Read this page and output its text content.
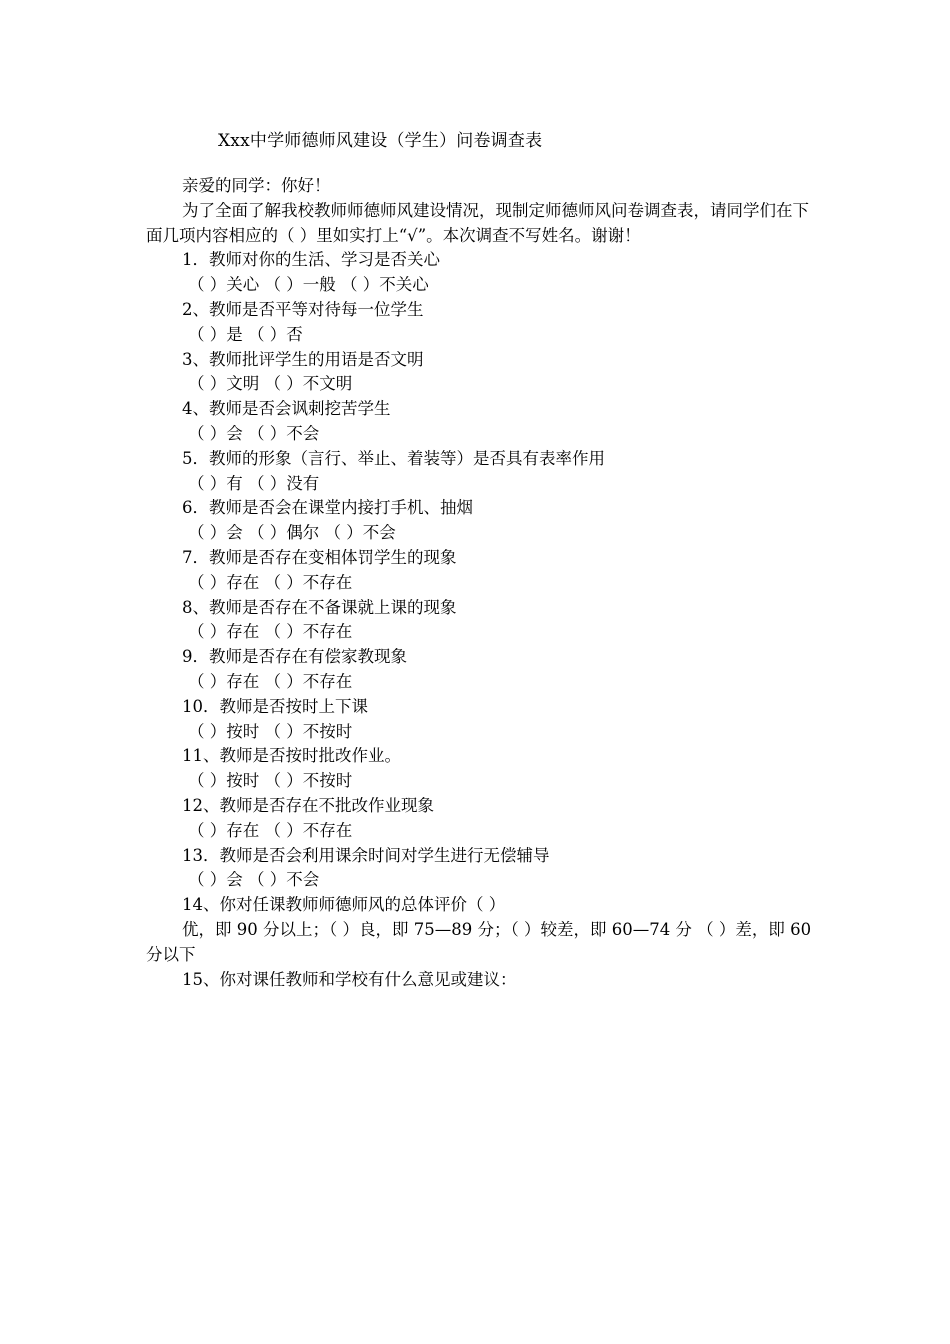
Xxx中学师德师风建设（学生）问卷调查表
亲爱的同学：你好！
为了全面了解我校教师师德师风建设情况，现制定师德师风问卷调查表，请同学们在下面几项内容相应的（ ）里如实打上“√”。本次调查不写姓名。谢谢！
1．教师对你的生活、学习是否关心
（ ）关心 （ ）一般 （ ）不关心
2、教师是否平等对待每一位学生
（ ）是 （ ）否
3、教师批评学生的用语是否文明
（ ）文明 （ ）不文明
4、教师是否会讽刺挖苦学生
（ ）会 （ ）不会
5．教师的形象（言行、举止、着装等）是否具有表率作用
（ ）有 （ ）没有
6．教师是否会在课堂内接打手机、抽烟
（ ）会 （ ）偶尔 （ ）不会
7．教师是否存在变相体罚学生的现象
（ ）存在 （ ）不存在
8、教师是否存在不备课就上课的现象
（ ）存在 （ ）不存在
9．教师是否存在有偿家教现象
（ ）存在 （ ）不存在
10．教师是否按时上下课
（ ）按时 （ ）不按时
11、教师是否按时批改作业。
（ ）按时 （ ）不按时
12、教师是否存在不批改作业现象
（ ）存在 （ ）不存在
13．教师是否会利用课余时间对学生进行无偿辅导
（ ）会 （ ）不会
14、你对任课教师师德师风的总体评价（ ）
优，即 90 分以上；（ ）良，即 75—89 分；（ ）较差，即 60—74 分 （ ）差，即 60 分以下
15、你对课任教师和学校有什么意见或建议：
